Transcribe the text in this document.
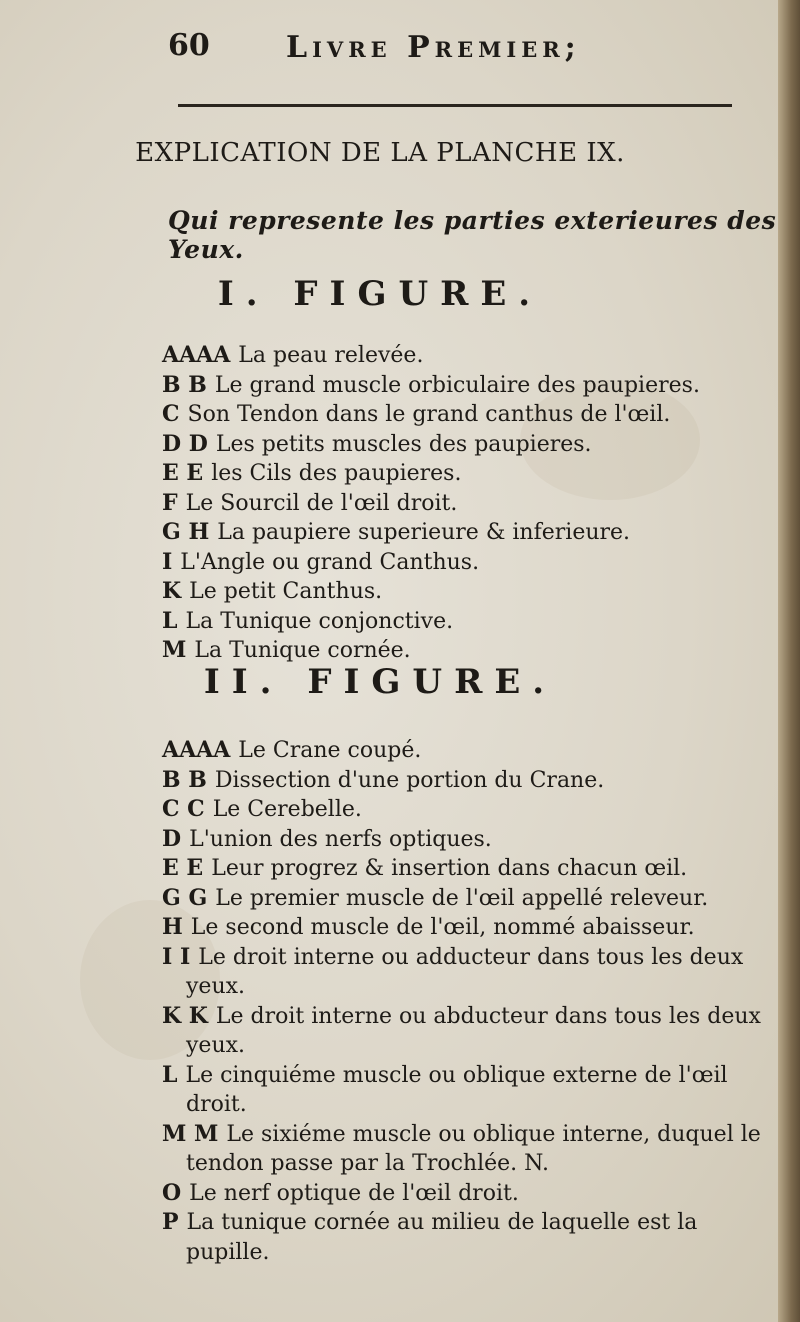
60	Livre Premier;
EXPLICATION DE LA PLANCHE IX.
Qui represente les parties exterieures des Yeux.
I. FIGURE.
AAAA La peau relevée.
B B Le grand muscle orbiculaire des paupieres.
C Son Tendon dans le grand canthus de l'œil.
D D Les petits muscles des paupieres.
E E les Cils des paupieres.
F Le Sourcil de l'œil droit.
G H La paupiere superieure & inferieure.
I L'Angle ou grand Canthus.
K Le petit Canthus.
L La Tunique conjonctive.
M La Tunique cornée.
II. FIGURE.
AAAA Le Crane coupé.
B B Dissection d'une portion du Crane.
C C Le Cerebelle.
D L'union des nerfs optiques.
E E Leur progrez & insertion dans chacun œil.
G G Le premier muscle de l'œil appellé releveur.
H Le second muscle de l'œil, nommé abaisseur.
I I Le droit interne ou adducteur dans tous les deux yeux.
K K Le droit interne ou abducteur dans tous les deux yeux.
L Le cinquiéme muscle ou oblique externe de l'œil droit.
M M Le sixiéme muscle ou oblique interne, duquel le tendon passe par la Trochlée. N.
O Le nerf optique de l'œil droit.
P La tunique cornée au milieu de laquelle est la pupille.
